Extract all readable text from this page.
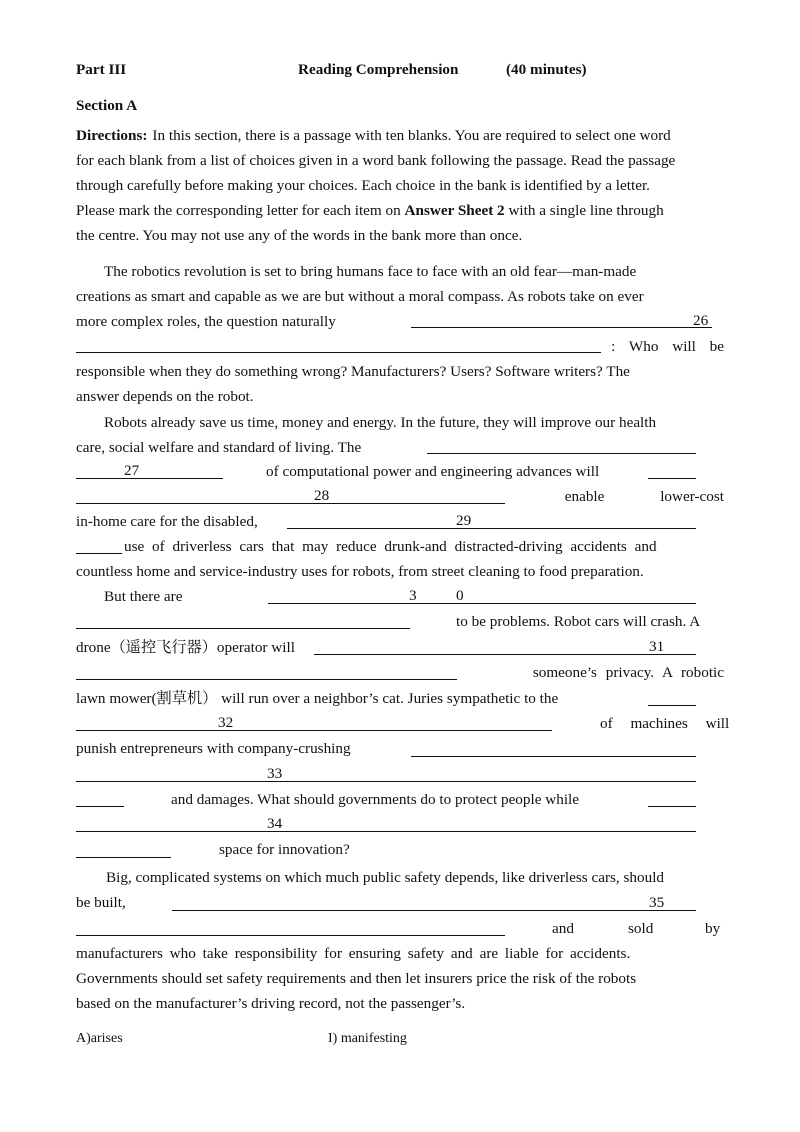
Part III	Reading Comprehension	(40 minutes)
Section A
Directions: In this section, there is a passage with ten blanks. You are required to select one word
for each blank from a list of choices given in a word bank following the passage. Read the passage
through carefully before making your choices. Each choice in the bank is identified by a letter.
Please mark the corresponding letter for each item on Answer Sheet 2 with a single line through
the centre. You may not use any of the words in the bank more than once.
The robotics revolution is set to bring humans face to face with an old fear—man-made
creations as smart and capable as we are but without a moral compass. As robots take on ever
more complex roles, the question naturally	26
: Who will be
responsible when they do something wrong? Manufacturers? Users? Software writers? The
answer depends on the robot.
Robots already save us time, money and energy. In the future, they will improve our health
care, social welfare and standard of living. The
27	of computational power and engineering advances will
28	enable lower-cost
in-home care for the disabled,	29
use of driverless cars that may reduce drunk-and distracted-driving accidents and
countless home and service-industry uses for robots, from street cleaning to food preparation.
But there are	3	0
to be problems. Robot cars will crash. A
drone（遥控飞行器）operator will	31
someone’s privacy. A robotic
lawn mower(割草机） will run over a neighbor’s cat. Juries sympathetic to the
32	of machines will
punish entrepreneurs with company-crushing
33
and damages. What should governments do to protect people while
34
space for innovation?
Big, complicated systems on which much public safety depends, like driverless cars, should
be built,	35
and	sold	by
manufacturers who take responsibility for ensuring safety and are liable for accidents.
Governments should set safety requirements and then let insurers price the risk of the robots
based on the manufacturer’s driving record, not the passenger’s.
A)arises	I) manifesting
